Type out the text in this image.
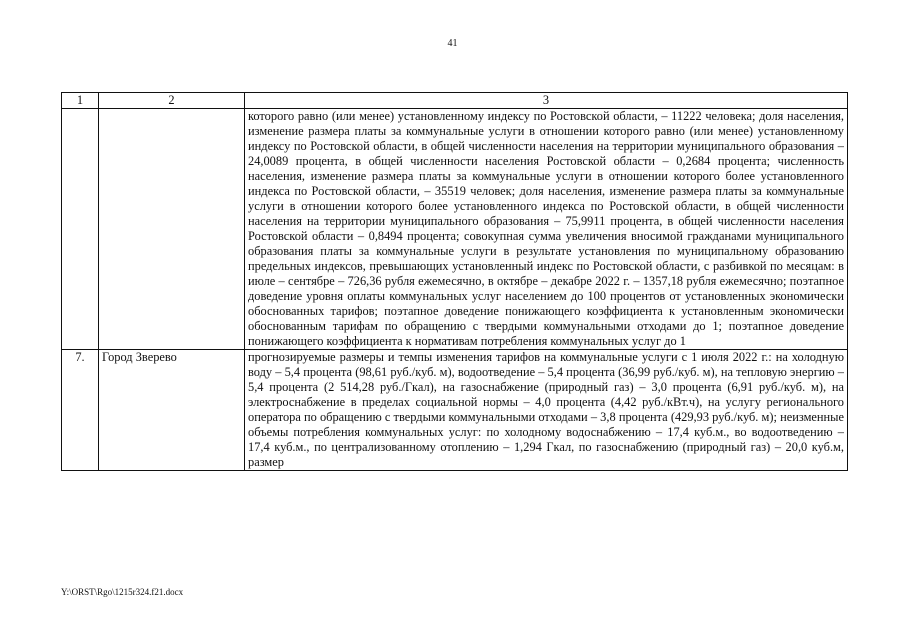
41
1	2	3
		которого равно (или менее) установленному индексу по Ростовской области, – 11222 человека; доля населения, изменение размера платы за коммунальные услуги в отношении которого равно (или менее) установленному индексу по Ростовской области, в общей численности населения на территории муниципального образования – 24,0089 процента, в общей численности населения Ростовской области – 0,2684 процента; численность населения, изменение размера платы за коммунальные услуги в отношении которого более установленного индекса по Ростовской области, – 35519 человек; доля населения, изменение размера платы за коммунальные услуги в отношении которого более установленного индекса по Ростовской области, в общей численности населения на территории муниципального образования – 75,9911 процента, в общей численности населения Ростовской области – 0,8494 процента; совокупная сумма увеличения вносимой гражданами муниципального образования платы за коммунальные услуги в результате установления по муниципальному образованию предельных индексов, превышающих установленный индекс по Ростовской области, с разбивкой по месяцам: в июле – сентябре – 726,36 рубля ежемесячно, в октябре – декабре 2022 г. – 1357,18 рубля ежемесячно; поэтапное доведение уровня оплаты коммунальных услуг населением до 100 процентов от установленных экономически обоснованных тарифов; поэтапное доведение понижающего коэффициента к установленным экономически обоснованным тарифам по обращению с твердыми коммунальными отходами до 1; поэтапное доведение понижающего коэффициента к нормативам потребления коммунальных услуг до 1
7.	Город Зверево	прогнозируемые размеры и темпы изменения тарифов на коммунальные услуги с 1 июля 2022 г.: на холодную воду – 5,4 процента (98,61 руб./куб. м), водоотведение – 5,4 процента (36,99 руб./куб. м), на тепловую энергию – 5,4 процента (2 514,28 руб./Гкал), на газоснабжение (природный газ) – 3,0 процента (6,91 руб./куб. м), на электроснабжение в пределах социальной нормы – 4,0 процента (4,42 руб./кВт.ч), на услугу регионального оператора по обращению с твердыми коммунальными отходами – 3,8 процента (429,93 руб./куб. м); неизменные объемы потребления коммунальных услуг: по холодному водоснабжению – 17,4 куб.м., во водоотведению – 17,4 куб.м., по централизованному отоплению – 1,294 Гкал, по газоснабжению (природный газ) – 20,0 куб.м, размер
Y:\ORST\Rgo\1215r324.f21.docx
